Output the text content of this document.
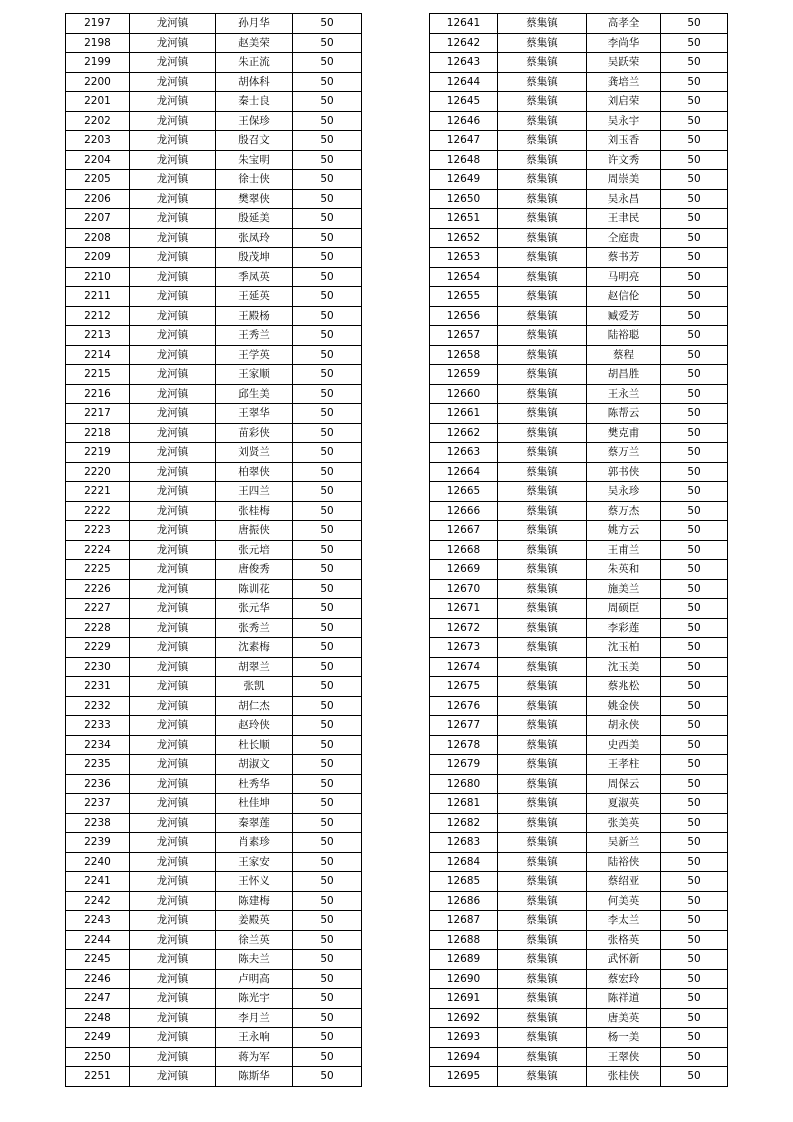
2197	龙河镇	孙月华	50
2198	龙河镇	赵美荣	50
2199	龙河镇	朱正流	50
2200	龙河镇	胡体科	50
2201	龙河镇	秦士良	50
2202	龙河镇	王保珍	50
2203	龙河镇	殷召文	50
2204	龙河镇	朱宝明	50
2205	龙河镇	徐士侠	50
2206	龙河镇	樊翠侠	50
2207	龙河镇	殷延美	50
2208	龙河镇	张凤玲	50
2209	龙河镇	殷茂坤	50
2210	龙河镇	季凤英	50
2211	龙河镇	王延英	50
2212	龙河镇	王殿杨	50
2213	龙河镇	王秀兰	50
2214	龙河镇	王学英	50
2215	龙河镇	王家顺	50
2216	龙河镇	邱生美	50
2217	龙河镇	王翠华	50
2218	龙河镇	苗彩侠	50
2219	龙河镇	刘贤兰	50
2220	龙河镇	柏翠侠	50
2221	龙河镇	王四兰	50
2222	龙河镇	张桂梅	50
2223	龙河镇	唐振侠	50
2224	龙河镇	张元培	50
2225	龙河镇	唐俊秀	50
2226	龙河镇	陈训花	50
2227	龙河镇	张元华	50
2228	龙河镇	张秀兰	50
2229	龙河镇	沈素梅	50
2230	龙河镇	胡翠兰	50
2231	龙河镇	张凯	50
2232	龙河镇	胡仁杰	50
2233	龙河镇	赵玲侠	50
2234	龙河镇	杜长顺	50
2235	龙河镇	胡淑文	50
2236	龙河镇	杜秀华	50
2237	龙河镇	杜佳坤	50
2238	龙河镇	秦翠莲	50
2239	龙河镇	肖素珍	50
2240	龙河镇	王家安	50
2241	龙河镇	王怀义	50
2242	龙河镇	陈建梅	50
2243	龙河镇	姜殿英	50
2244	龙河镇	徐兰英	50
2245	龙河镇	陈夫兰	50
2246	龙河镇	卢明高	50
2247	龙河镇	陈光宇	50
2248	龙河镇	李月兰	50
2249	龙河镇	王永响	50
2250	龙河镇	蒋为军	50
2251	龙河镇	陈斯华	50
12641	蔡集镇	高孝全	50
12642	蔡集镇	李尚华	50
12643	蔡集镇	吴跃荣	50
12644	蔡集镇	龚培兰	50
12645	蔡集镇	刘启荣	50
12646	蔡集镇	吴永宇	50
12647	蔡集镇	刘玉香	50
12648	蔡集镇	许文秀	50
12649	蔡集镇	周崇美	50
12650	蔡集镇	吴永昌	50
12651	蔡集镇	王聿民	50
12652	蔡集镇	仝庭贵	50
12653	蔡集镇	蔡书芳	50
12654	蔡集镇	马明亮	50
12655	蔡集镇	赵信伦	50
12656	蔡集镇	臧爱芳	50
12657	蔡集镇	陆裕聪	50
12658	蔡集镇	蔡程	50
12659	蔡集镇	胡昌胜	50
12660	蔡集镇	王永兰	50
12661	蔡集镇	陈帮云	50
12662	蔡集镇	樊克甫	50
12663	蔡集镇	蔡万兰	50
12664	蔡集镇	郭书侠	50
12665	蔡集镇	吴永珍	50
12666	蔡集镇	蔡万杰	50
12667	蔡集镇	姚方云	50
12668	蔡集镇	王甫兰	50
12669	蔡集镇	朱英和	50
12670	蔡集镇	施美兰	50
12671	蔡集镇	周硕臣	50
12672	蔡集镇	李彩莲	50
12673	蔡集镇	沈玉柏	50
12674	蔡集镇	沈玉美	50
12675	蔡集镇	蔡兆松	50
12676	蔡集镇	姚金侠	50
12677	蔡集镇	胡永侠	50
12678	蔡集镇	史西美	50
12679	蔡集镇	王孝柱	50
12680	蔡集镇	周保云	50
12681	蔡集镇	夏淑英	50
12682	蔡集镇	张美英	50
12683	蔡集镇	吴新兰	50
12684	蔡集镇	陆裕侠	50
12685	蔡集镇	蔡绍亚	50
12686	蔡集镇	何美英	50
12687	蔡集镇	李太兰	50
12688	蔡集镇	张格英	50
12689	蔡集镇	武怀新	50
12690	蔡集镇	蔡宏玲	50
12691	蔡集镇	陈祥道	50
12692	蔡集镇	唐美英	50
12693	蔡集镇	杨一美	50
12694	蔡集镇	王翠侠	50
12695	蔡集镇	张桂侠	50
